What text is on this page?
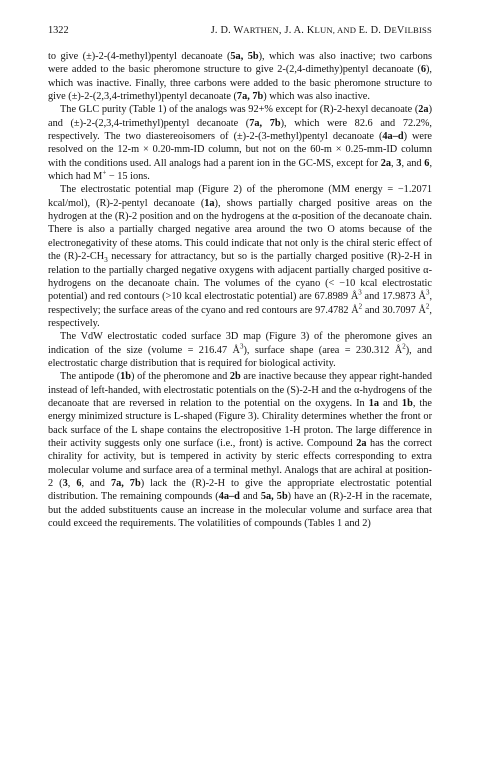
1322	J. D. WARTHEN, J. A. KLUN, AND E. D. DEVILBISS

to give (±)-2-(4-methyl)pentyl decanoate (5a, 5b), which was also inactive; two carbons were added to the basic pheromone structure to give 2-(2,4-dimethy)pentyl decanoate (6), which was inactive. Finally, three carbons were added to the basic pheromone structure to give (±)-2-(2,3,4-trimethyl)pentyl decanoate (7a, 7b) which was also inactive.

The GLC purity (Table 1) of the analogs was 92+% except for (R)-2-hexyl decanoate (2a) and (±)-2-(2,3,4-trimethyl)pentyl decanoate (7a, 7b), which were 82.6 and 72.2%, respectively. The two diastereoisomers of (±)-2-(3-methyl)pentyl decanoate (4a–d) were resolved on the 12-m × 0.20-mm-ID column, but not on the 60-m × 0.25-mm-ID column with the conditions used. All analogs had a parent ion in the GC-MS, except for 2a, 3, and 6, which had M+ − 15 ions.

The electrostatic potential map (Figure 2) of the pheromone (MM energy = −1.2071 kcal/mol), (R)-2-pentyl decanoate (1a), shows partially charged positive areas on the hydrogen at the (R)-2 position and on the hydrogens at the α-position of the decanoate chain. There is also a partially charged negative area around the two O atoms because of the electronegativity of these atoms. This could indicate that not only is the chiral steric effect of the $(R)-2-CH_3$ necessary for attractancy, but so is the partially charged positive (R)-2-H in relation to the partially charged negative oxygens with adjacent partially charged positive α-hydrogens on the decanoate chain. The volumes of the cyano (< −10 kcal electrostatic potential) and red contours (>10 kcal electrostatic potential) are 67.8989 $Å^3$ and 17.9873 $Å^3$, respectively; the surface areas of the cyano and red contours are 97.4782 $Å^2$ and 30.7097 $Å^2$, respectively.

The VdW electrostatic coded surface 3D map (Figure 3) of the pheromone gives an indication of the size (volume = 216.47 $Å^3$), surface shape (area = 230.312 $Å^2$), and electrostatic charge distribution that is required for biological activity.

The antipode (1b) of the pheromone and 2b are inactive because they appear right-handed instead of left-handed, with electrostatic potentials on the (S)-2-H and the α-hydrogens of the decanoate that are reversed in relation to the potential on the oxygens. In 1a and 1b, the energy minimized structure is L-shaped (Figure 3). Chirality determines whether the front or back surface of the L shape contains the electropositive 1-H proton. The large difference in their activity suggests only one surface (i.e., front) is active. Compound 2a has the correct chirality for activity, but is tempered in activity by steric effects corresponding to extra molecular volume and surface area of a terminal methyl. Analogs that are achiral at position-2 (3, 6, and 7a, 7b) lack the (R)-2-H to give the appropriate electrostatic potential distribution. The remaining compounds (4a–d and 5a, 5b) have an (R)-2-H in the racemate, but the added substituents cause an increase in the molecular volume and surface area that could exceed the requirements. The volatilities of compounds (Tables 1 and 2)
